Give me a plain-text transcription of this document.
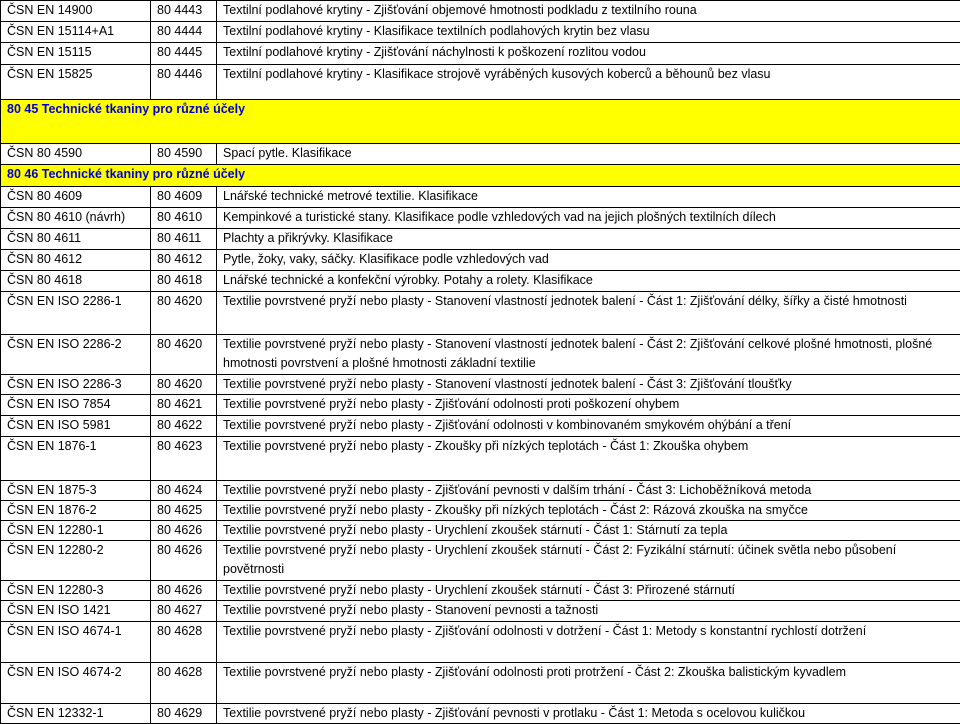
ČSN EN 14900	80 4443	Textilní podlahové krytiny - Zjišťování objemové hmotnosti podkladu z textilního rouna
ČSN EN 15114+A1	80 4444	Textilní podlahové krytiny - Klasifikace textilních podlahových krytin bez vlasu
ČSN EN 15115	80 4445	Textilní podlahové krytiny - Zjišťování náchylnosti k poškození rozlitou vodou
ČSN EN 15825	80 4446	Textilní podlahové krytiny - Klasifikace strojově vyráběných kusových koberců a běhounů bez vlasu
80 45 Technické tkaniny pro různé účely		
ČSN 80 4590	80 4590	Spací pytle. Klasifikace
80 46 Technické tkaniny pro různé účely		
ČSN 80 4609	80 4609	Lnářské technické metrové textilie. Klasifikace
ČSN 80 4610 (návrh)	80 4610	Kempinkové a turistické stany. Klasifikace podle vzhledových vad na jejich plošných textilních dílech
ČSN 80 4611	80 4611	Plachty a přikrývky. Klasifikace
ČSN 80 4612	80 4612	Pytle, žoky, vaky, sáčky. Klasifikace podle vzhledových vad
ČSN 80 4618	80 4618	Lnářské technické a konfekční výrobky. Potahy a rolety. Klasifikace
ČSN EN ISO 2286-1	80 4620	Textilie povrstvené pryží nebo plasty - Stanovení vlastností jednotek balení - Část 1: Zjišťování délky, šířky a čisté hmotnosti
ČSN EN ISO 2286-2	80 4620	Textilie povrstvené pryží nebo plasty - Stanovení vlastností jednotek balení - Část 2: Zjišťování celkové plošné hmotnosti, plošné hmotnosti povrstvení a plošné hmotnosti základní textilie
ČSN EN ISO 2286-3	80 4620	Textilie povrstvené pryží nebo plasty - Stanovení vlastností jednotek balení - Část 3: Zjišťování tloušťky
ČSN EN ISO 7854	80 4621	Textilie povrstvené pryží nebo plasty - Zjišťování odolnosti proti poškození ohybem
ČSN EN ISO 5981	80 4622	Textilie povrstvené pryží nebo plasty - Zjišťování odolnosti v kombinovaném smykovém ohýbání a tření
ČSN EN 1876-1	80 4623	Textilie povrstvené pryží nebo plasty - Zkoušky při nízkých teplotách - Část 1: Zkouška ohybem
ČSN EN 1875-3	80 4624	Textilie povrstvené pryží nebo plasty - Zjišťování pevnosti v dalším trhání - Část 3: Lichoběžníková metoda
ČSN EN 1876-2	80 4625	Textilie povrstvené pryží nebo plasty - Zkoušky při nízkých teplotách - Část 2: Rázová zkouška na smyčce
ČSN EN 12280-1	80 4626	Textilie povrstvené pryží nebo plasty - Urychlení zkoušek stárnutí - Část 1: Stárnutí za tepla
ČSN EN 12280-2	80 4626	Textilie povrstvené pryží nebo plasty - Urychlení zkoušek stárnutí - Část 2: Fyzikální stárnutí: účinek světla nebo působení povětrnosti
ČSN EN 12280-3	80 4626	Textilie povrstvené pryží nebo plasty - Urychlení zkoušek stárnutí - Část 3: Přirozené stárnutí
ČSN EN ISO 1421	80 4627	Textilie povrstvené pryží nebo plasty - Stanovení pevnosti a tažnosti
ČSN EN ISO 4674-1	80 4628	Textilie povrstvené pryží nebo plasty - Zjišťování odolnosti v dotržení - Část 1: Metody s konstantní rychlostí dotržení
ČSN EN ISO 4674-2	80 4628	Textilie povrstvené pryží nebo plasty - Zjišťování odolnosti proti protržení - Část 2: Zkouška balistickým kyvadlem
ČSN EN 12332-1	80 4629	Textilie povrstvené pryží nebo plasty - Zjišťování pevnosti v protlaku - Část 1: Metoda s ocelovou kuličkou
